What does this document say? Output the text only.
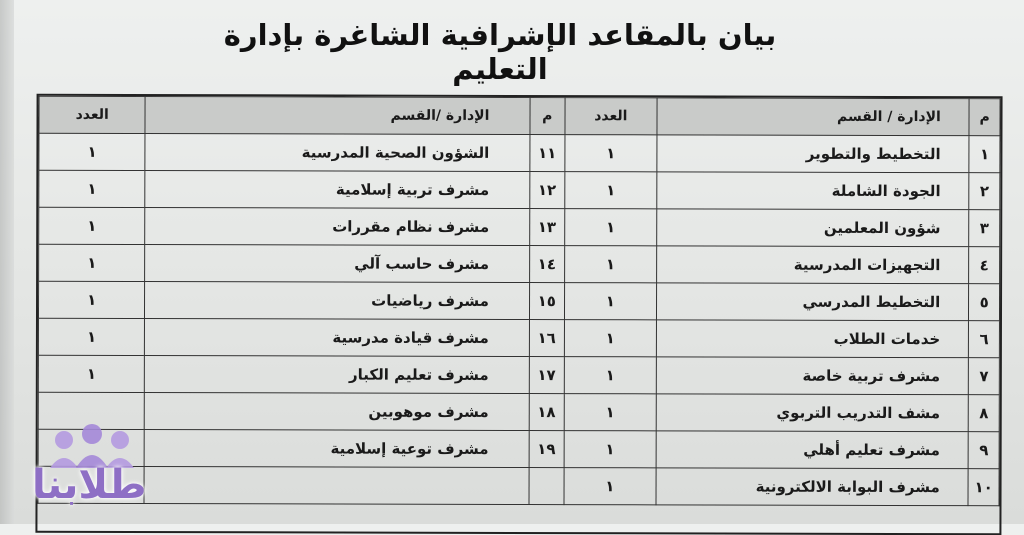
بيان بالمقاعد الإشرافية الشاغرة بإدارة التعليم
م	الإدارة / القسم	العدد	م	الإدارة /القسم	العدد
١	التخطيط والتطوير	١	١١	الشؤون الصحية المدرسية	١
٢	الجودة الشاملة	١	١٢	مشرف تربية إسلامية	١
٣	شؤون المعلمين	١	١٣	مشرف نظام مقررات	١
٤	التجهيزات المدرسية	١	١٤	مشرف حاسب آلي	١
٥	التخطيط المدرسي	١	١٥	مشرف رياضيات	١
٦	خدمات الطلاب	١	١٦	مشرف قيادة مدرسية	١
٧	مشرف تربية خاصة	١	١٧	مشرف تعليم الكبار	١
٨	مشف التدريب التربوي	١	١٨	مشرف موهوبين	
٩	مشرف تعليم أهلي	١	١٩	مشرف توعية إسلامية	
١٠	مشرف البوابة الالكترونية	١			
طلابنا
